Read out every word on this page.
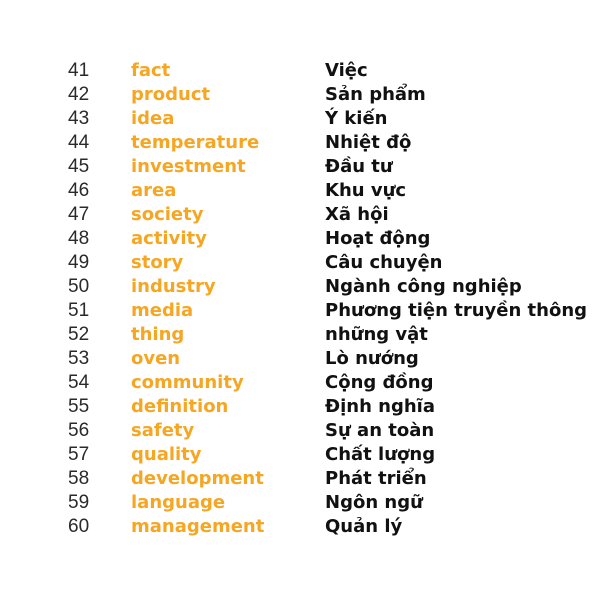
41 fact	Việc
42 product	Sản phẩm
43 idea	Ý kiến
44 temperature	Nhiệt độ
45 investment	Đầu tư
46 area	Khu vực
47 society	Xã hội
48 activity	Hoạt động
49 story	Câu chuyện
50 industry	Ngành công nghiệp
51 media	Phương tiện truyền thông
52 thing	những vật
53 oven	Lò nướng
54 community	Cộng đồng
55 definition	Định nghĩa
56 safety	Sự an toàn
57 quality	Chất lượng
58 development	Phát triển
59 language	Ngôn ngữ
60 management	Quản lý
